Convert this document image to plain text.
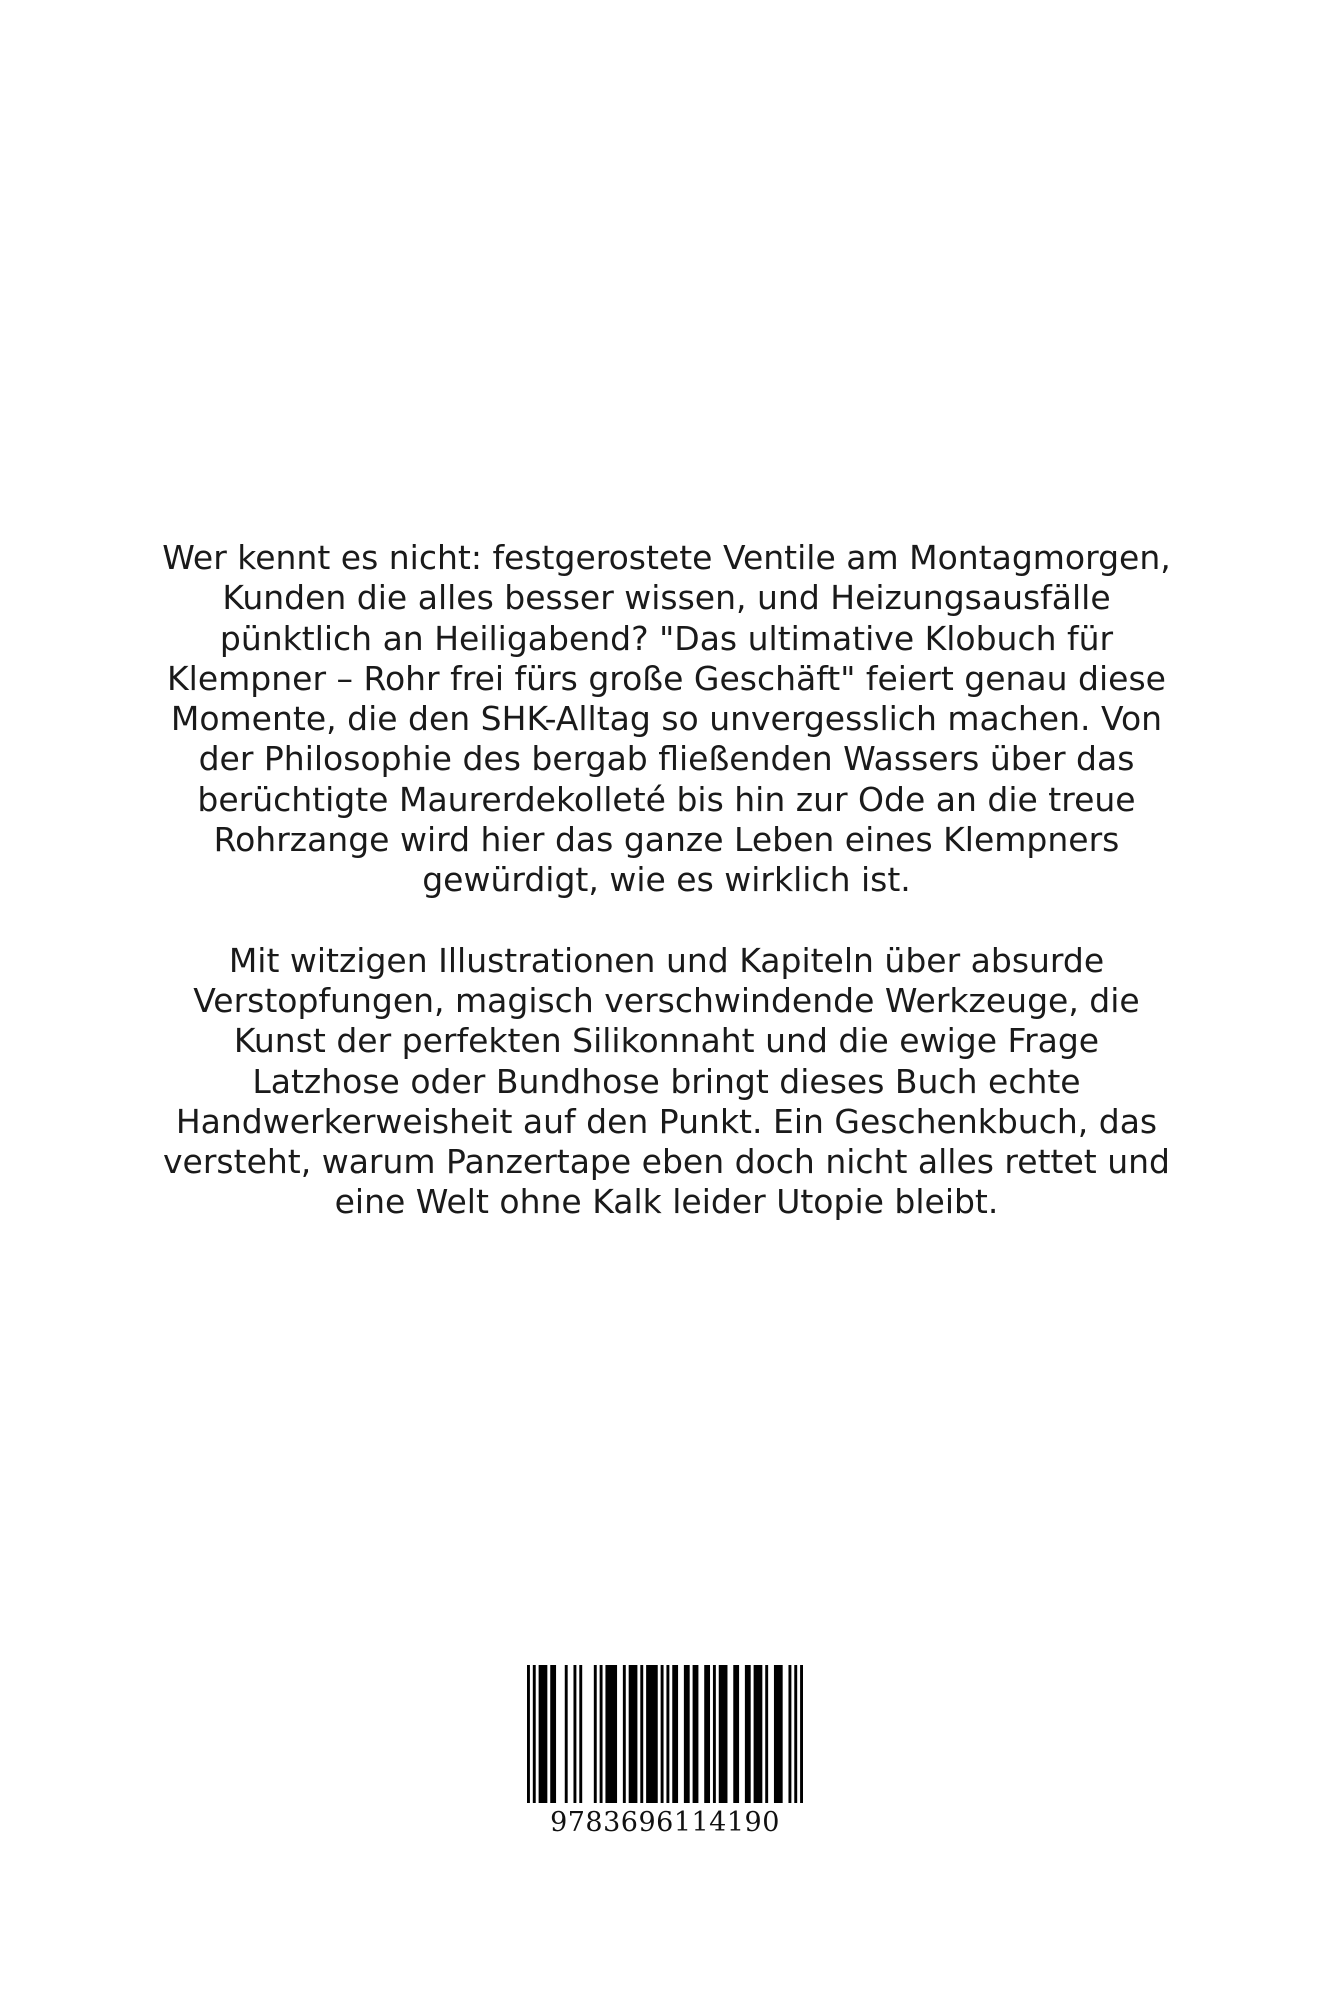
Wer kennt es nicht: festgerostete Ventile am Montagmorgen, Kunden die alles besser wissen, und Heizungsausfälle pünktlich an Heiligabend? "Das ultimative Klobuch für Klempner – Rohr frei fürs große Geschäft" feiert genau diese Momente, die den SHK-Alltag so unvergesslich machen. Von der Philosophie des bergab fließenden Wassers über das berüchtigte Maurerdekolleté bis hin zur Ode an die treue Rohrzange wird hier das ganze Leben eines Klempners gewürdigt, wie es wirklich ist.

Mit witzigen Illustrationen und Kapiteln über absurde Verstopfungen, magisch verschwindende Werkzeuge, die Kunst der perfekten Silikonnaht und die ewige Frage Latzhose oder Bundhose bringt dieses Buch echte Handwerkerweisheit auf den Punkt. Ein Geschenkbuch, das versteht, warum Panzertape eben doch nicht alles rettet und eine Welt ohne Kalk leider Utopie bleibt.

9783696114190
